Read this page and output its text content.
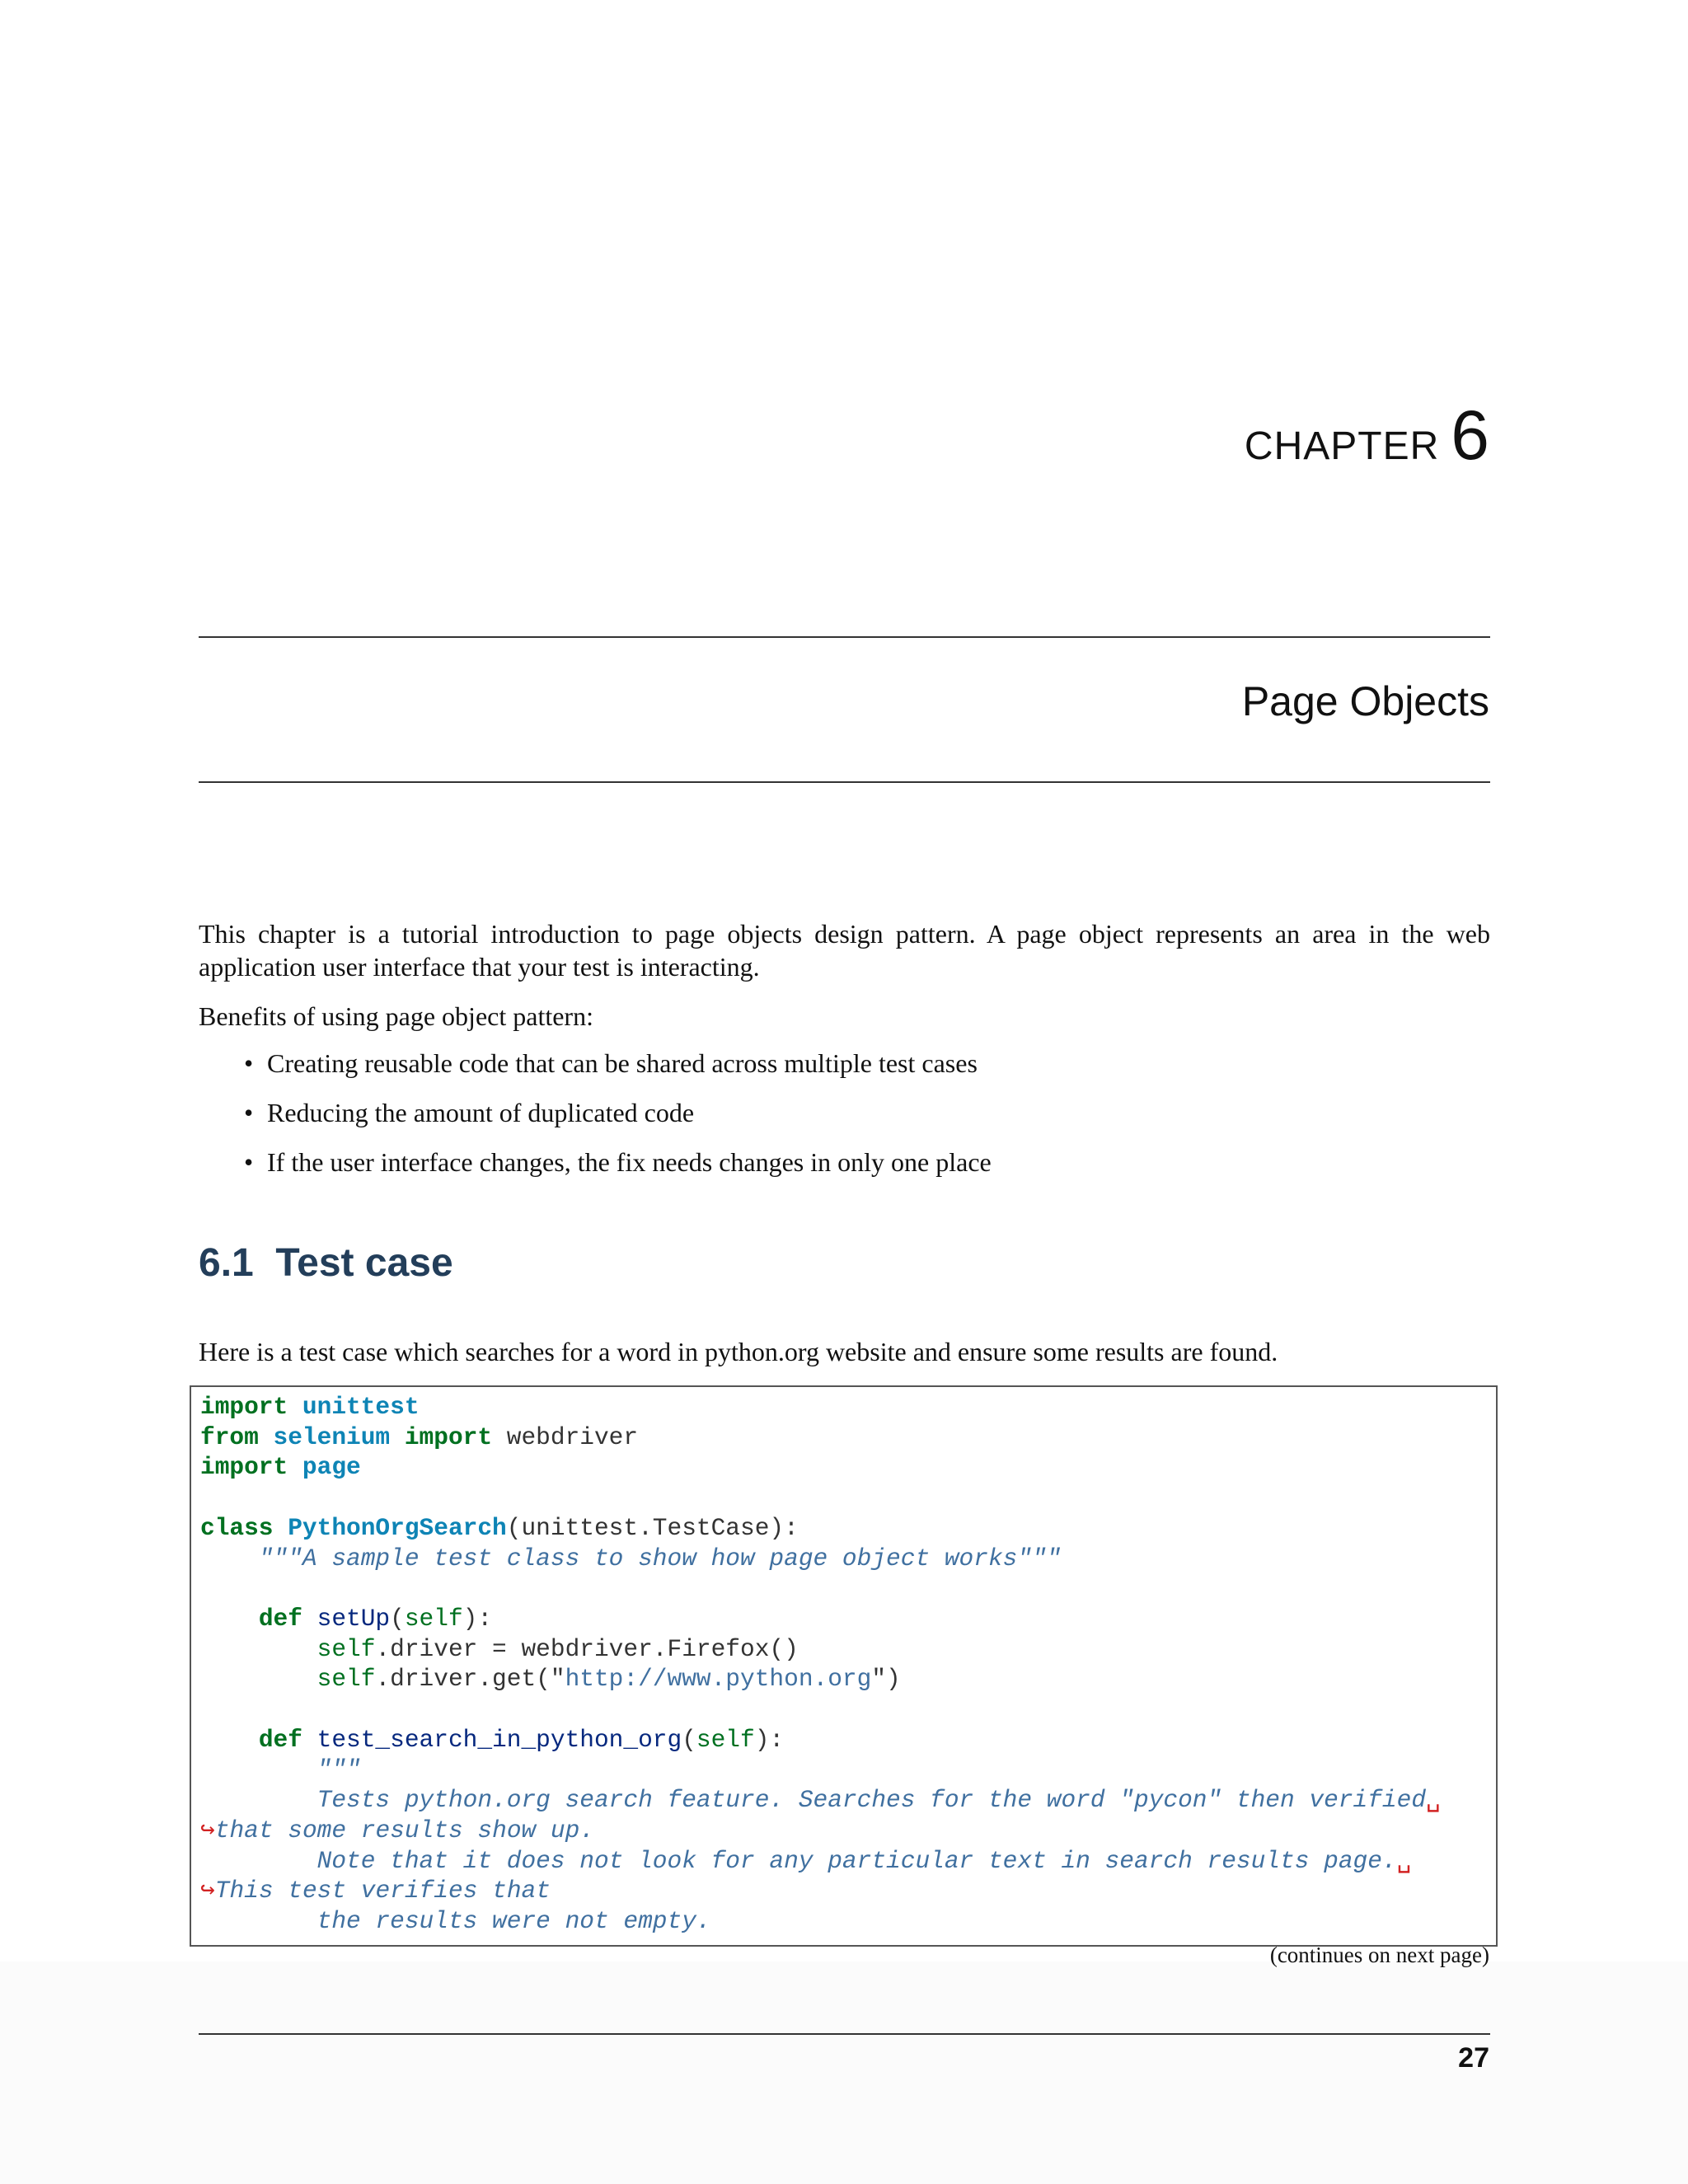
CHAPTER 6
Page Objects
This chapter is a tutorial introduction to page objects design pattern. A page object represents an area in the web application user interface that your test is interacting.
Benefits of using page object pattern:
• Creating reusable code that can be shared across multiple test cases
• Reducing the amount of duplicated code
• If the user interface changes, the fix needs changes in only one place
6.1 Test case
Here is a test case which searches for a word in python.org website and ensure some results are found.
import unittest
from selenium import webdriver
import page

class PythonOrgSearch(unittest.TestCase):
"""A sample test class to show how page object works"""

def setUp(self):
self.driver = webdriver.Firefox()
self.driver.get("http://www.python.org")

def test_search_in_python_org(self):
"""
Tests python.org search feature. Searches for the word "pycon" then verified␣
↪that some results show up.
Note that it does not look for any particular text in search results page.␣
↪This test verifies that
the results were not empty.
(continues on next page)
27
